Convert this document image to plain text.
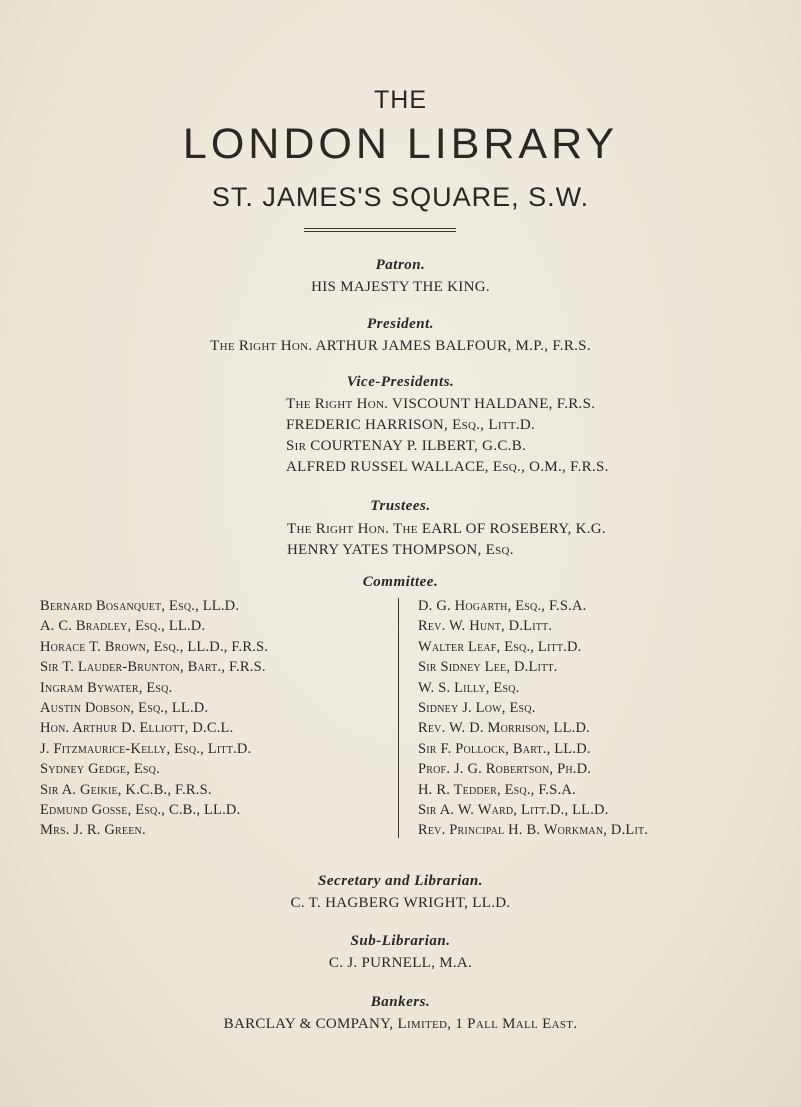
THE
LONDON LIBRARY
ST. JAMES'S SQUARE, S.W.
Patron.
HIS MAJESTY THE KING.
President.
The Right Hon. ARTHUR JAMES BALFOUR, M.P., F.R.S.
Vice-Presidents.
The Right Hon. VISCOUNT HALDANE, F.R.S.
FREDERIC HARRISON, Esq., Litt.D.
Sir COURTENAY P. ILBERT, G.C.B.
ALFRED RUSSEL WALLACE, Esq., O.M., F.R.S.
Trustees.
The Right Hon. The EARL OF ROSEBERY, K.G.
HENRY YATES THOMPSON, Esq.
Committee.
Bernard Bosanquet, Esq., LL.D.
A. C. Bradley, Esq., LL.D.
Horace T. Brown, Esq., LL.D., F.R.S.
Sir T. Lauder-Brunton, Bart., F.R.S.
Ingram Bywater, Esq.
Austin Dobson, Esq., LL.D.
Hon. Arthur D. Elliott, D.C.L.
J. Fitzmaurice-Kelly, Esq., Litt.D.
Sydney Gedge, Esq.
Sir A. Geikie, K.C.B., F.R.S.
Edmund Gosse, Esq., C.B., LL.D.
Mrs. J. R. Green.
D. G. Hogarth, Esq., F.S.A.
Rev. W. Hunt, D.Litt.
Walter Leaf, Esq., Litt.D.
Sir Sidney Lee, D.Litt.
W. S. Lilly, Esq.
Sidney J. Low, Esq.
Rev. W. D. Morrison, LL.D.
Sir F. Pollock, Bart., LL.D.
Prof. J. G. Robertson, Ph.D.
H. R. Tedder, Esq., F.S.A.
Sir A. W. Ward, Litt.D., LL.D.
Rev. Principal H. B. Workman, D.Lit.
Secretary and Librarian.
C. T. HAGBERG WRIGHT, LL.D.
Sub-Librarian.
C. J. PURNELL, M.A.
Bankers.
BARCLAY & COMPANY, Limited, 1 Pall Mall East.
